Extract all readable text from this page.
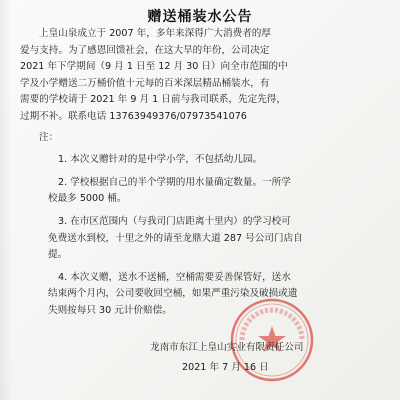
赠送桶装水公告
上皇山泉成立于 2007 年，多年来深得广大消费者的厚
爱与支持。为了感恩回馈社会，在这大旱的年份，公司决定
2021 年下学期间（9 月 1 日至 12 月 30 日）向全市范围的中
学及小学赠送二万桶价值十元每的百米深层精品桶装水，有
需要的学校请于 2021 年 9 月 1 日前与我司联系，先定先得，
过期不补。联系电话 13763949376/07973541076
注：
1. 本次义赠针对的是中学小学，不包括幼儿园。
2. 学校根据自己的半个学期的用水量确定数量。一所学
校最多 5000 桶。
3. 在市区范围内（与我司门店距离十里内）的学习校可
免费送水到校，十里之外的请至龙鼎大道 287 号公司门店自
提。
4. 本次义赠，送水不送桶，空桶需要妥善保管好，送水
结束两个月内，公司要收回空桶，如果严重污染及破损或遗
失则按每只 30 元计价赔偿。
龙南市东江上皇山实业有限责任公司
2021 年 7 月 16 日
